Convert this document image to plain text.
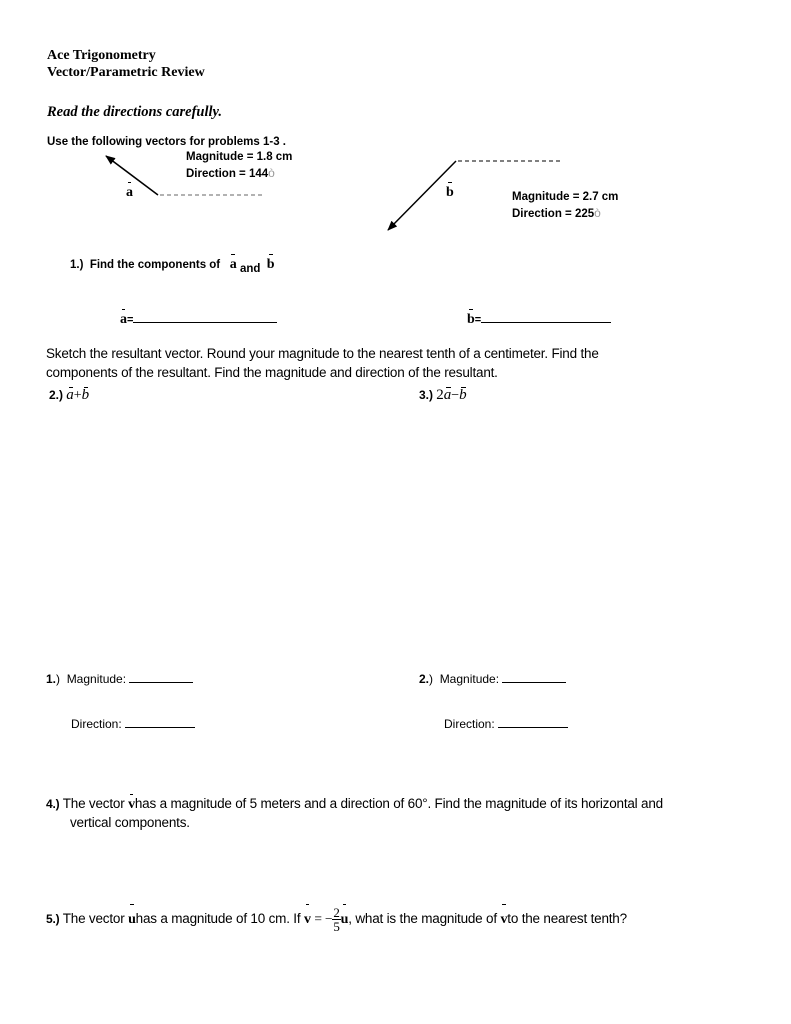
Ace Trigonometry
Vector/Parametric Review
Read the directions carefully.
Use the following vectors for problems 1-3 .
a
Magnitude = 1.8 cm
Direction = 144ò
b	Magnitude = 2.7 cm
Direction = 225ò
1.) Find the components of a and b
a=	b=
Sketch the resultant vector. Round your magnitude to the nearest tenth of a centimeter. Find the
components of the resultant. Find the magnitude and direction of the resultant.
2.) a+b	3.) 2a−b
1.) Magnitude:
Direction:
2.) Magnitude:
Direction:
4.) The vector vhas a magnitude of 5 meters and a direction of 60°. Find the magnitude of its horizontal and
vertical components.
5.) The vector uhas a magnitude of 10 cm. If v = − $\frac{2}{5} u$, what is the magnitude of vto the nearest tenth?
